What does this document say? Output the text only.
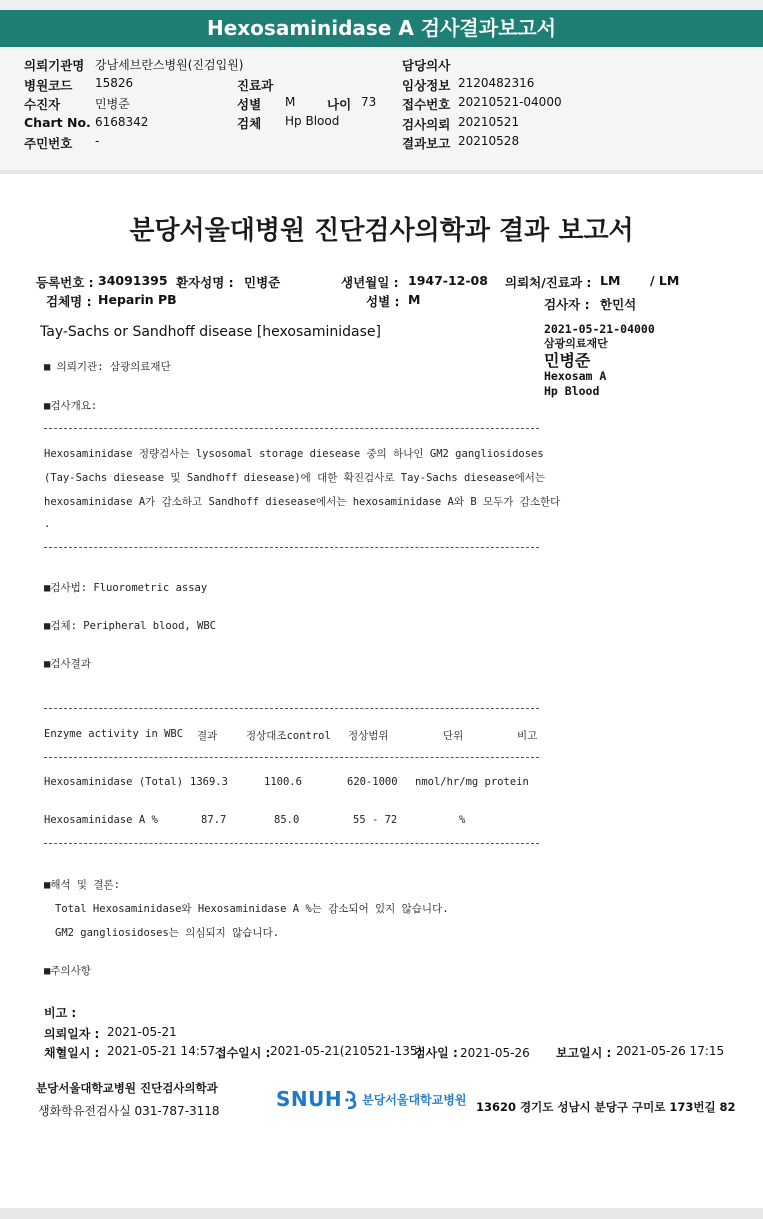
Hexosaminidase A 검사결과보고서
의뢰기관명 강남세브란스병원(진검입원)	담당의사
병원코드 15826	진료과	임상정보 2120482316
수진자	민병준	성별 M	나이 73 접수번호 20210521-04000
Chart No. 6168342	검체 Hp Blood	검사의뢰 20210521
주민번호 -	결과보고 20210528
분당서울대병원 진단검사의학과 결과 보고서
등록번호 : 34091395 환자성명 : 민병준	생년월일 : 1947-12-08 의뢰처/진료과 : LM / LM
검체명 : Heparin PB	성별 : M	검사자 : 한민석
Tay-Sachs or Sandhoff disease [hexosaminidase]	2021-05-21-04000
삼광의료재단
민병준
Hexosam A
Hp Blood
■ 의뢰기관: 삼광의료재단
■검사개요:
Hexosaminidase 정량검사는 lysosomal storage diesease 중의 하나인 GM2 gangliosidoses
(Tay-Sachs diesease 및 Sandhoff diesease)에 대한 확진검사로 Tay-Sachs diesease에서는
hexosaminidase A가 감소하고 Sandhoff diesease에서는 hexosaminidase A와 B 모두가 감소한다
.
■검사법: Fluorometric assay
■검체: Peripheral blood, WBC
■검사결과
Enzyme activity in WBC 결과	정상대조control 정상범위	단위	비고
Hexosaminidase (Total) 1369.3	1100.6	620-1000 nmol/hr/mg protein
Hexosaminidase A %	87.7	85.0	55 - 72	%
■해석 및 결론:
Total Hexosaminidase와 Hexosaminidase A %는 감소되어 있지 않습니다.
GM2 gangliosidoses는 의심되지 않습니다.
■주의사항
비고 :
의뢰일자 : 2021-05-21
채혈일시 : 2021-05-21 14:57 접수일시 : 2021-05-21(210521-135)
검사일 : 2021-05-26 보고일시 : 2021-05-26 17:15
분당서울대학교병원 진단검사의학과
생화학유전검사실 031-787-3118	SNUH 분당서울대학교병원
13620 경기도 성남시 분당구 구미로 173번길 82
